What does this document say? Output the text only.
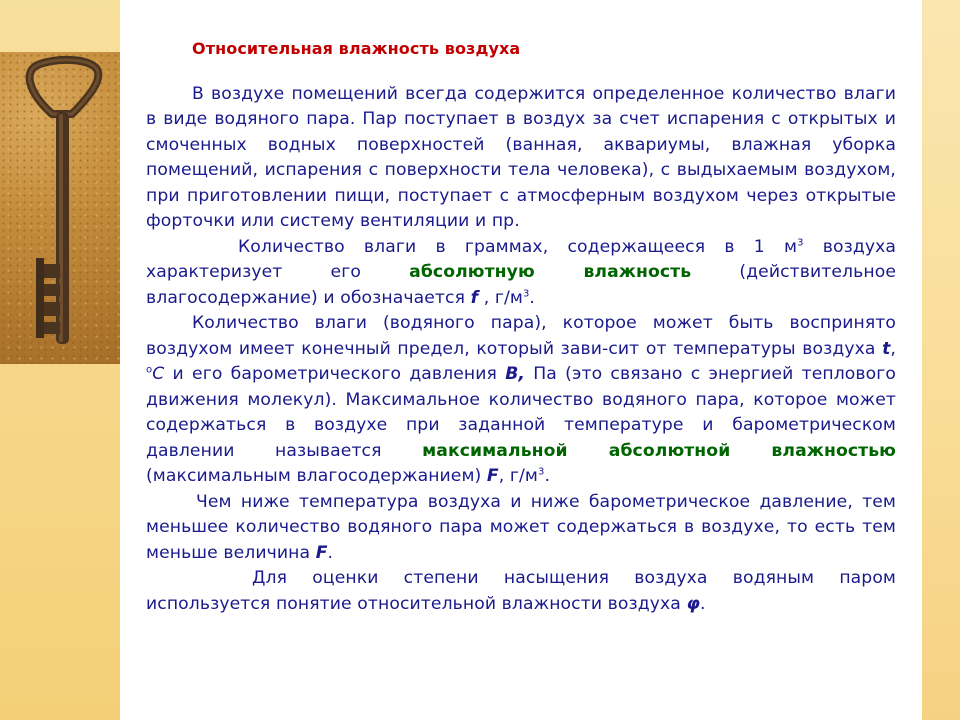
Относительная влажность воздуха

В воздухе помещений всегда содержится определенное количество влаги в виде водяного пара. Пар поступает в воздух за счет испарения с открытых и смоченных водных поверхностей (ванная, аквариумы, влажная уборка помещений, испарения с поверхности тела человека), с выдыхаемым воздухом, при приготовлении пищи, поступает с атмосферным воздухом через открытые форточки или систему вентиляции и пр.

Количество влаги в граммах, содержащееся в 1 $м^3$ воздуха характеризует его абсолютную влажность (действительное влагосодержание) и обозначается f , $г/м^3$.

Количество влаги (водяного пара), которое может быть воспринято воздухом имеет конечный предел, который зави-сит от температуры воздуха t, $^о$С и его барометрического давления B, Па (это связано с энергией теплового движения молекул). Максимальное количество водяного пара, которое может содержаться в воздухе при заданной температуре и барометрическом давлении называется максимальной абсолютной влажностью (максимальным влагосодержанием) F, $г/м^3$.

Чем ниже температура воздуха и ниже барометрическое давление, тем меньшее количество водяного пара может содержаться в воздухе, то есть тем меньше величина F.

Для оценки степени насыщения воздуха водяным паром используется понятие относительной влажности воздуха φ.
